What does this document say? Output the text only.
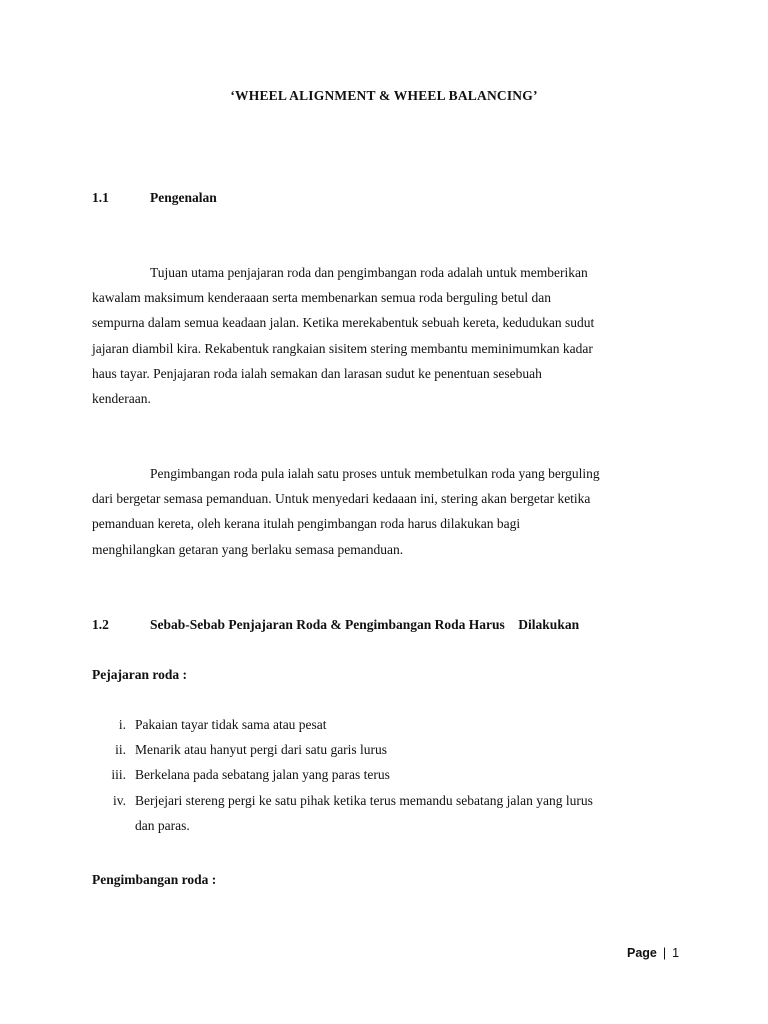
‘WHEEL ALIGNMENT & WHEEL BALANCING’
1.1	Pengenalan
Tujuan utama penjajaran roda dan pengimbangan roda adalah untuk memberikan
kawalam maksimum kenderaaan serta membenarkan semua roda berguling betul dan
sempurna dalam semua keadaan jalan. Ketika merekabentuk sebuah kereta, kedudukan sudut
jajaran diambil kira. Rekabentuk rangkaian sisitem stering membantu meminimumkan kadar
haus tayar. Penjajaran roda ialah semakan dan larasan sudut ke penentuan sesebuah
kenderaan.
Pengimbangan roda pula ialah satu proses untuk membetulkan roda yang berguling
dari bergetar semasa pemanduan. Untuk menyedari kedaaan ini, stering akan bergetar ketika
pemanduan kereta, oleh kerana itulah pengimbangan roda harus dilakukan bagi
menghilangkan getaran yang berlaku semasa pemanduan.
1.2	Sebab-Sebab Penjajaran Roda & Pengimbangan Roda Harus    Dilakukan
Pejajaran roda :
i. Pakaian tayar tidak sama atau pesat
ii. Menarik atau hanyut pergi dari satu garis lurus
iii. Berkelana pada sebatang jalan yang paras terus
iv. Berjejari stereng pergi ke satu pihak ketika terus memandu sebatang jalan yang lurus
dan paras.
Pengimbangan roda :
Page | 1
